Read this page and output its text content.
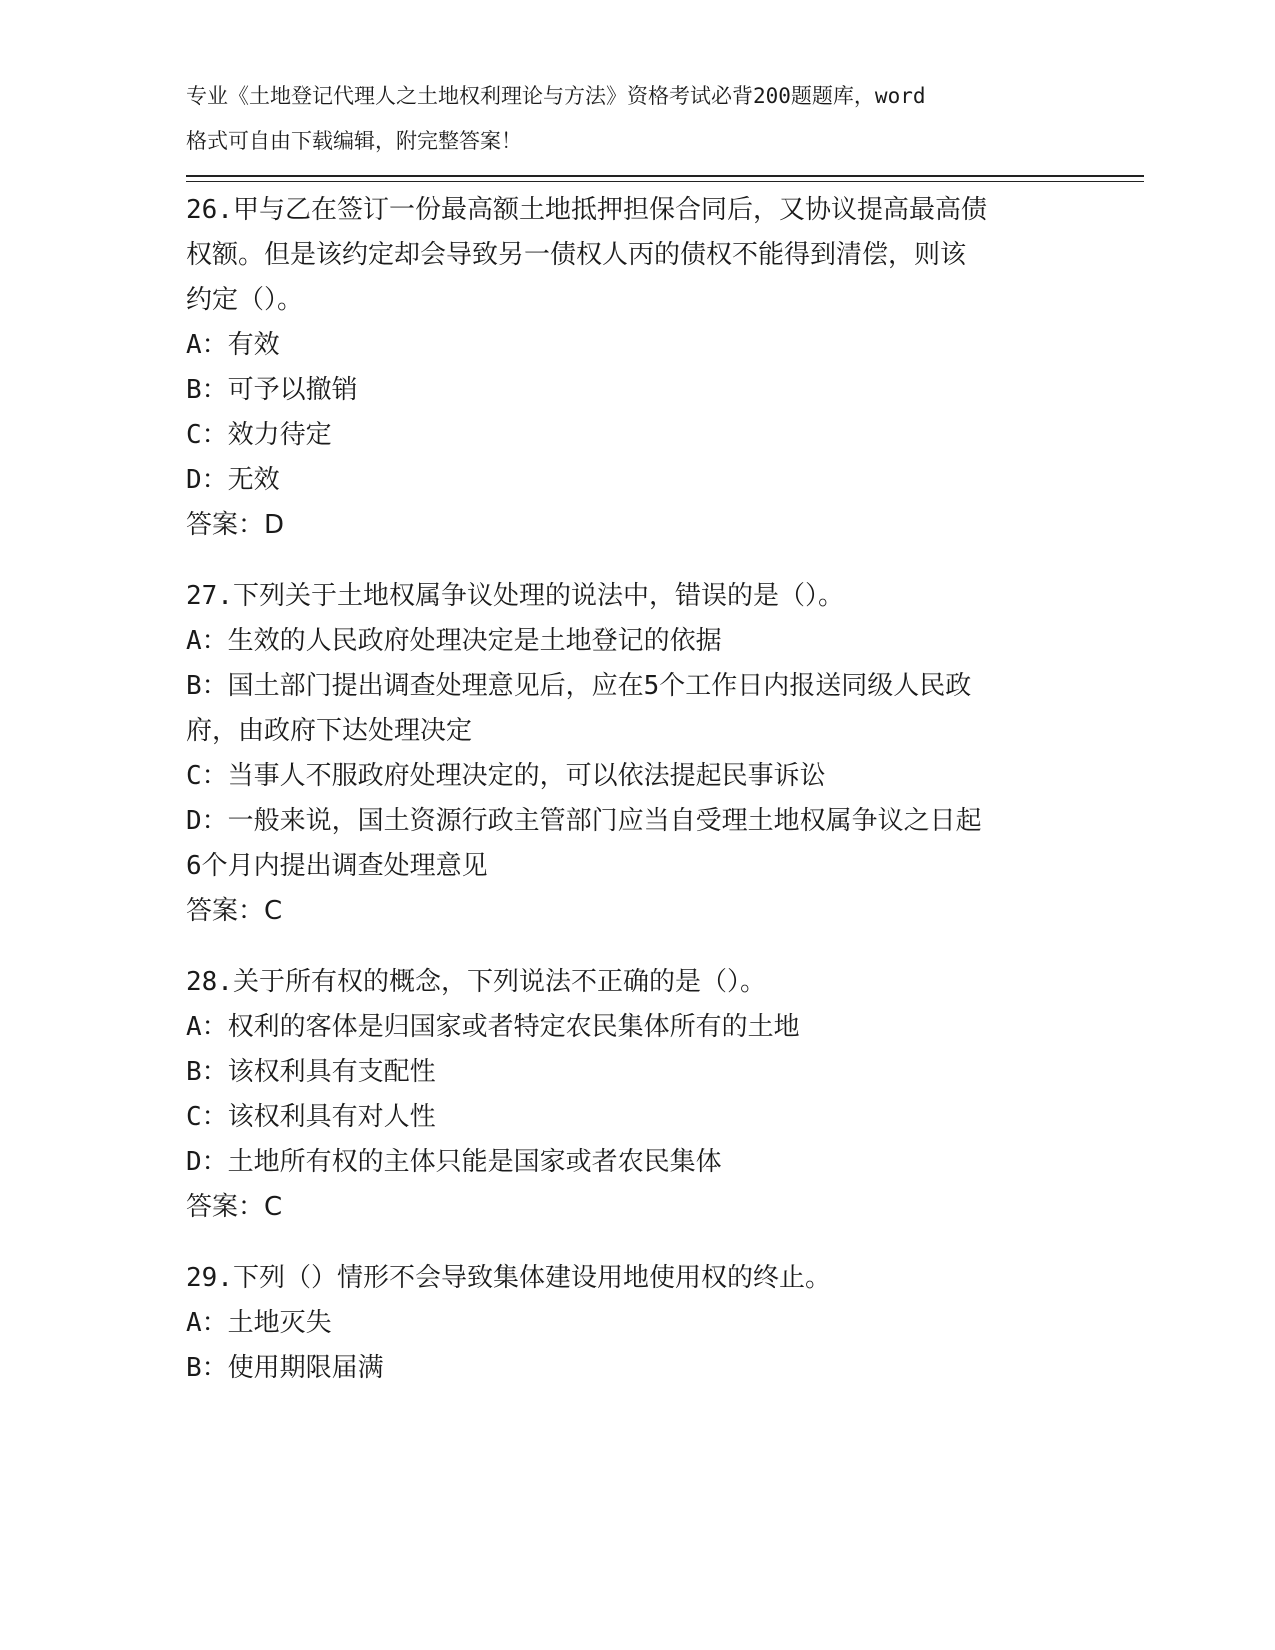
专业《土地登记代理人之土地权利理论与方法》资格考试必背200题题库，word
格式可自由下载编辑，附完整答案！
26.甲与乙在签订一份最高额土地抵押担保合同后，又协议提高最高债
权额。但是该约定却会导致另一债权人丙的债权不能得到清偿，则该
约定（）。
A：有效
B：可予以撤销
C：效力待定
D：无效
答案：D
27.下列关于土地权属争议处理的说法中，错误的是（）。
A：生效的人民政府处理决定是土地登记的依据
B：国土部门提出调查处理意见后，应在5个工作日内报送同级人民政
府，由政府下达处理决定
C：当事人不服政府处理决定的，可以依法提起民事诉讼
D：一般来说，国土资源行政主管部门应当自受理土地权属争议之日起
6个月内提出调查处理意见
答案：C
28.关于所有权的概念，下列说法不正确的是（）。
A：权利的客体是归国家或者特定农民集体所有的土地
B：该权利具有支配性
C：该权利具有对人性
D：土地所有权的主体只能是国家或者农民集体
答案：C
29.下列（）情形不会导致集体建设用地使用权的终止。
A：土地灭失
B：使用期限届满
